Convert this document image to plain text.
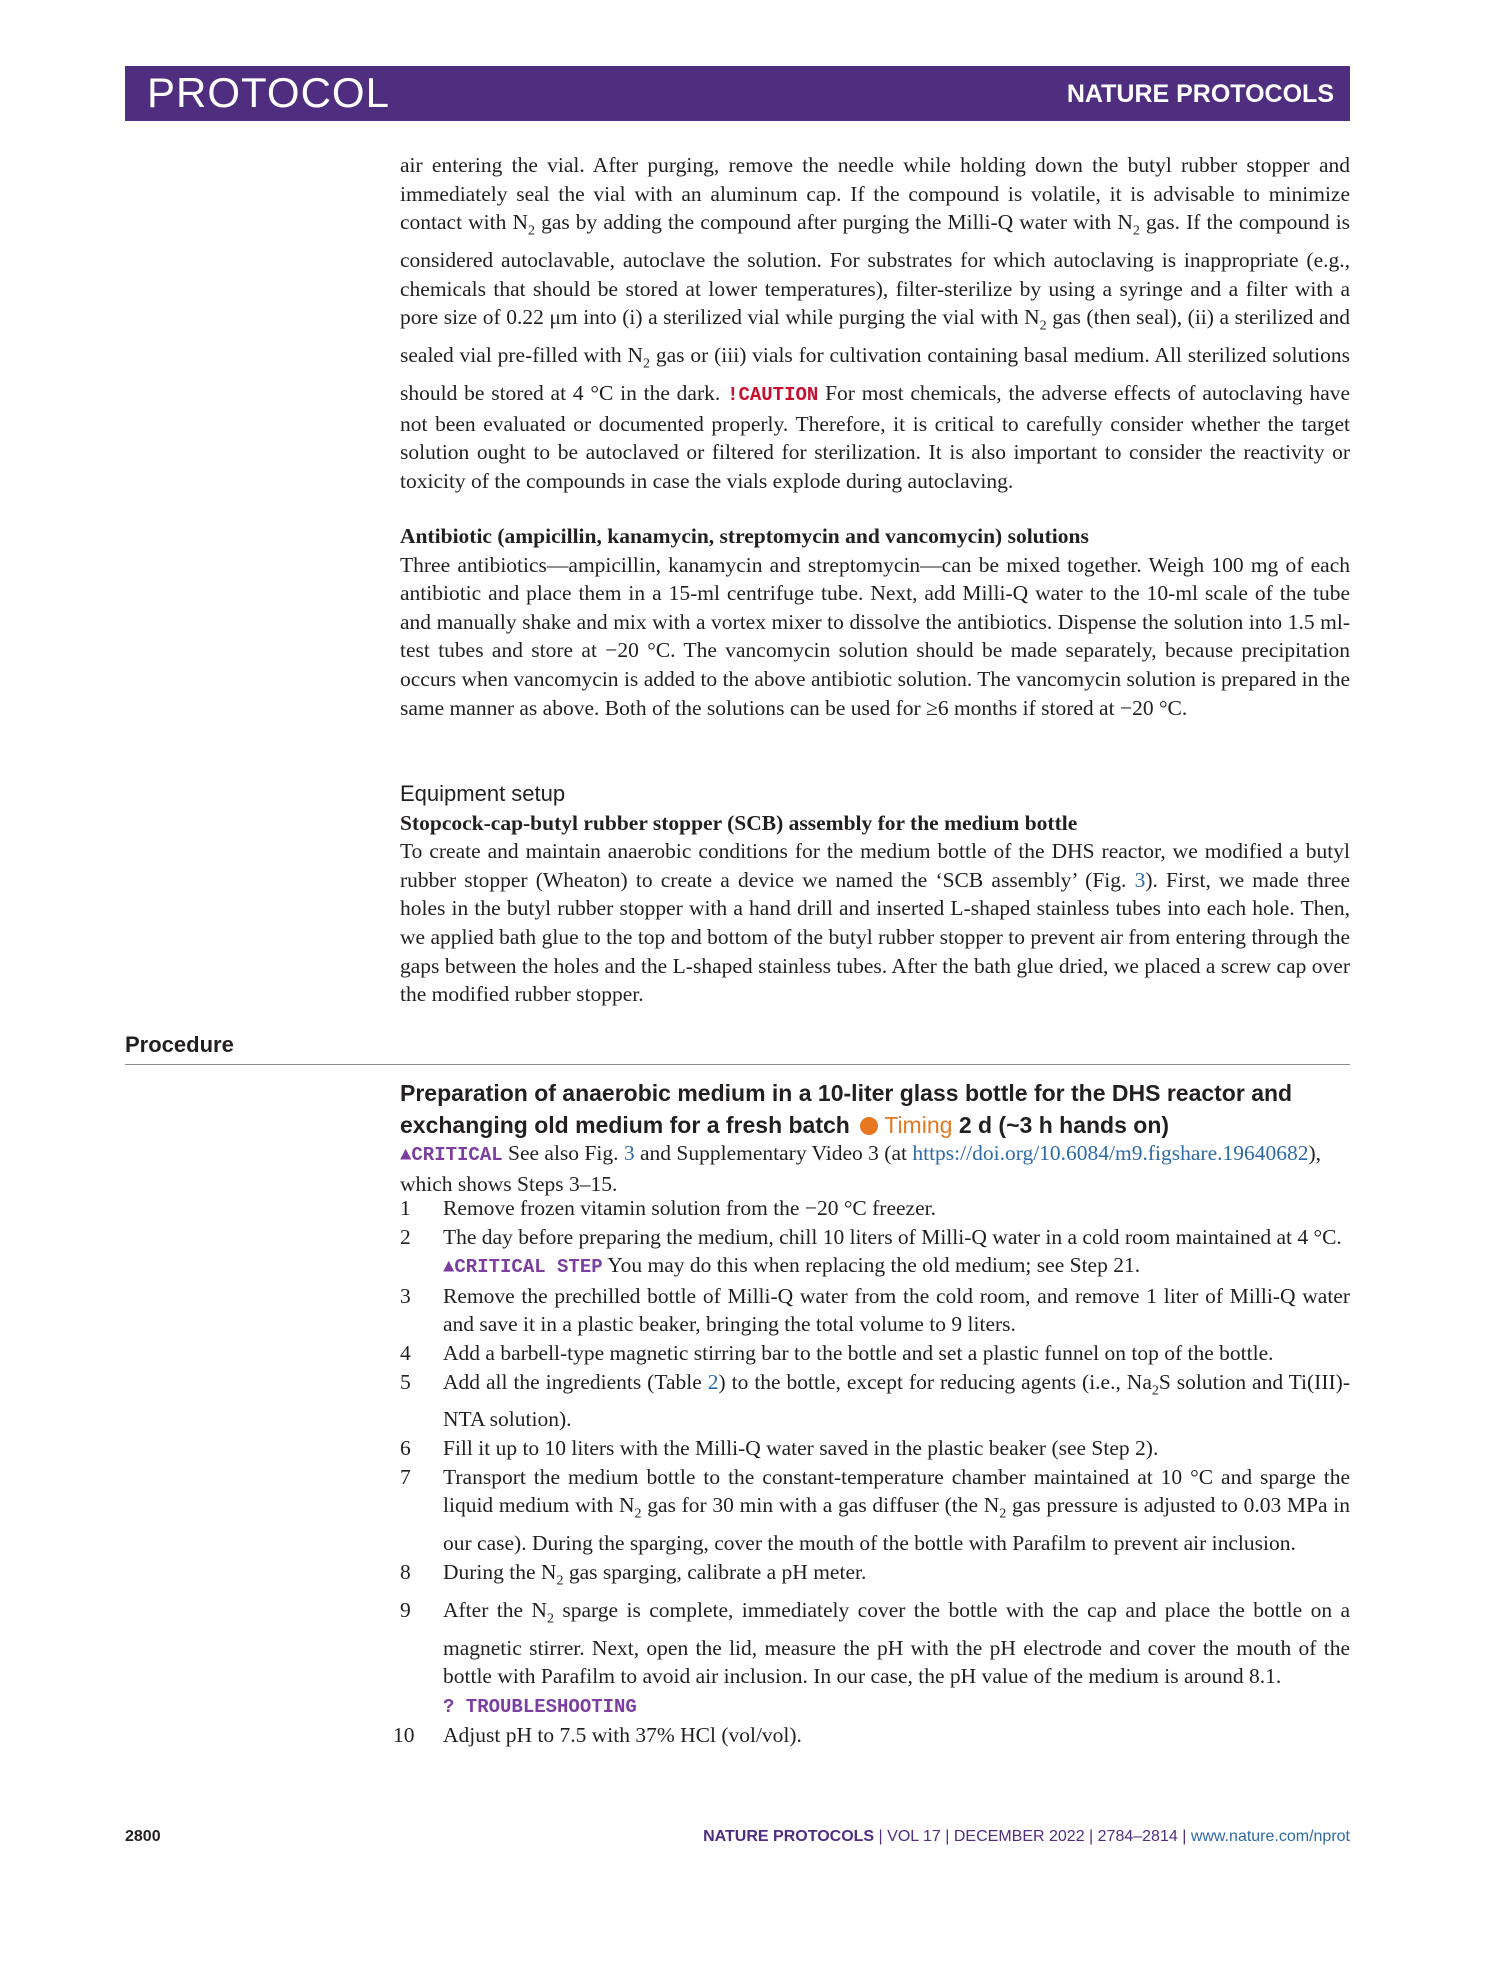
PROTOCOL	NATURE PROTOCOLS

air entering the vial. After purging, remove the needle while holding down the butyl rubber stopper and immediately seal the vial with an aluminum cap. If the compound is volatile, it is advisable to minimize contact with $N_2$ gas by adding the compound after purging the Milli-Q water with $N_2$ gas. If the compound is considered autoclavable, autoclave the solution. For substrates for which autoclaving is inappropriate (e.g., chemicals that should be stored at lower temperatures), filter-sterilize by using a syringe and a filter with a pore size of 0.22 μm into (i) a sterilized vial while purging the vial with $N_2$ gas (then seal), (ii) a sterilized and sealed vial pre-filled with $N_2$ gas or (iii) vials for cultivation containing basal medium. All sterilized solutions should be stored at 4 °C in the dark. !CAUTION For most chemicals, the adverse effects of autoclaving have not been evaluated or documented properly. Therefore, it is critical to carefully consider whether the target solution ought to be autoclaved or filtered for sterilization. It is also important to consider the reactivity or toxicity of the compounds in case the vials explode during autoclaving.

Antibiotic (ampicillin, kanamycin, streptomycin and vancomycin) solutions

Three antibiotics—ampicillin, kanamycin and streptomycin—can be mixed together. Weigh 100 mg of each antibiotic and place them in a 15-ml centrifuge tube. Next, add Milli-Q water to the 10-ml scale of the tube and manually shake and mix with a vortex mixer to dissolve the antibiotics. Dispense the solution into 1.5 ml-test tubes and store at −20 °C. The vancomycin solution should be made separately, because precipitation occurs when vancomycin is added to the above antibiotic solution. The vancomycin solution is prepared in the same manner as above. Both of the solutions can be used for ≥6 months if stored at −20 °C.

Equipment setup

Stopcock-cap-butyl rubber stopper (SCB) assembly for the medium bottle

To create and maintain anaerobic conditions for the medium bottle of the DHS reactor, we modified a butyl rubber stopper (Wheaton) to create a device we named the ‘SCB assembly’ (Fig. 3). First, we made three holes in the butyl rubber stopper with a hand drill and inserted L-shaped stainless tubes into each hole. Then, we applied bath glue to the top and bottom of the butyl rubber stopper to prevent air from entering through the gaps between the holes and the L-shaped stainless tubes. After the bath glue dried, we placed a screw cap over the modified rubber stopper.

Procedure
Preparation of anaerobic medium in a 10-liter glass bottle for the DHS reactor and exchanging old medium for a fresh batch Timing 2 d (~3 h hands on)

▲CRITICAL See also Fig. 3 and Supplementary Video 3 (at https://doi.org/10.6084/m9.figshare.19640682), which shows Steps 3–15.

1	Remove frozen vitamin solution from the −20 °C freezer.
2	The day before preparing the medium, chill 10 liters of Milli-Q water in a cold room maintained at 4 °C.
▲CRITICAL STEP You may do this when replacing the old medium; see Step 21.
3	Remove the prechilled bottle of Milli-Q water from the cold room, and remove 1 liter of Milli-Q water and save it in a plastic beaker, bringing the total volume to 9 liters.
4	Add a barbell-type magnetic stirring bar to the bottle and set a plastic funnel on top of the bottle.
5	Add all the ingredients (Table 2) to the bottle, except for reducing agents (i.e., $Na_2S$ solution and Ti(III)-NTA solution).
6	Fill it up to 10 liters with the Milli-Q water saved in the plastic beaker (see Step 2).
7	Transport the medium bottle to the constant-temperature chamber maintained at 10 °C and sparge the liquid medium with $N_2$ gas for 30 min with a gas diffuser (the $N_2$ gas pressure is adjusted to 0.03 MPa in our case). During the sparging, cover the mouth of the bottle with Parafilm to prevent air inclusion.
8	During the $N_2$ gas sparging, calibrate a pH meter.
9	After the $N_2$ sparge is complete, immediately cover the bottle with the cap and place the bottle on a magnetic stirrer. Next, open the lid, measure the pH with the pH electrode and cover the mouth of the bottle with Parafilm to avoid air inclusion. In our case, the pH value of the medium is around 8.1.
? TROUBLESHOOTING
10	Adjust pH to 7.5 with 37% HCl (vol/vol).
2800	NATURE PROTOCOLS | VOL 17 | DECEMBER 2022 | 2784–2814 | www.nature.com/nprot
